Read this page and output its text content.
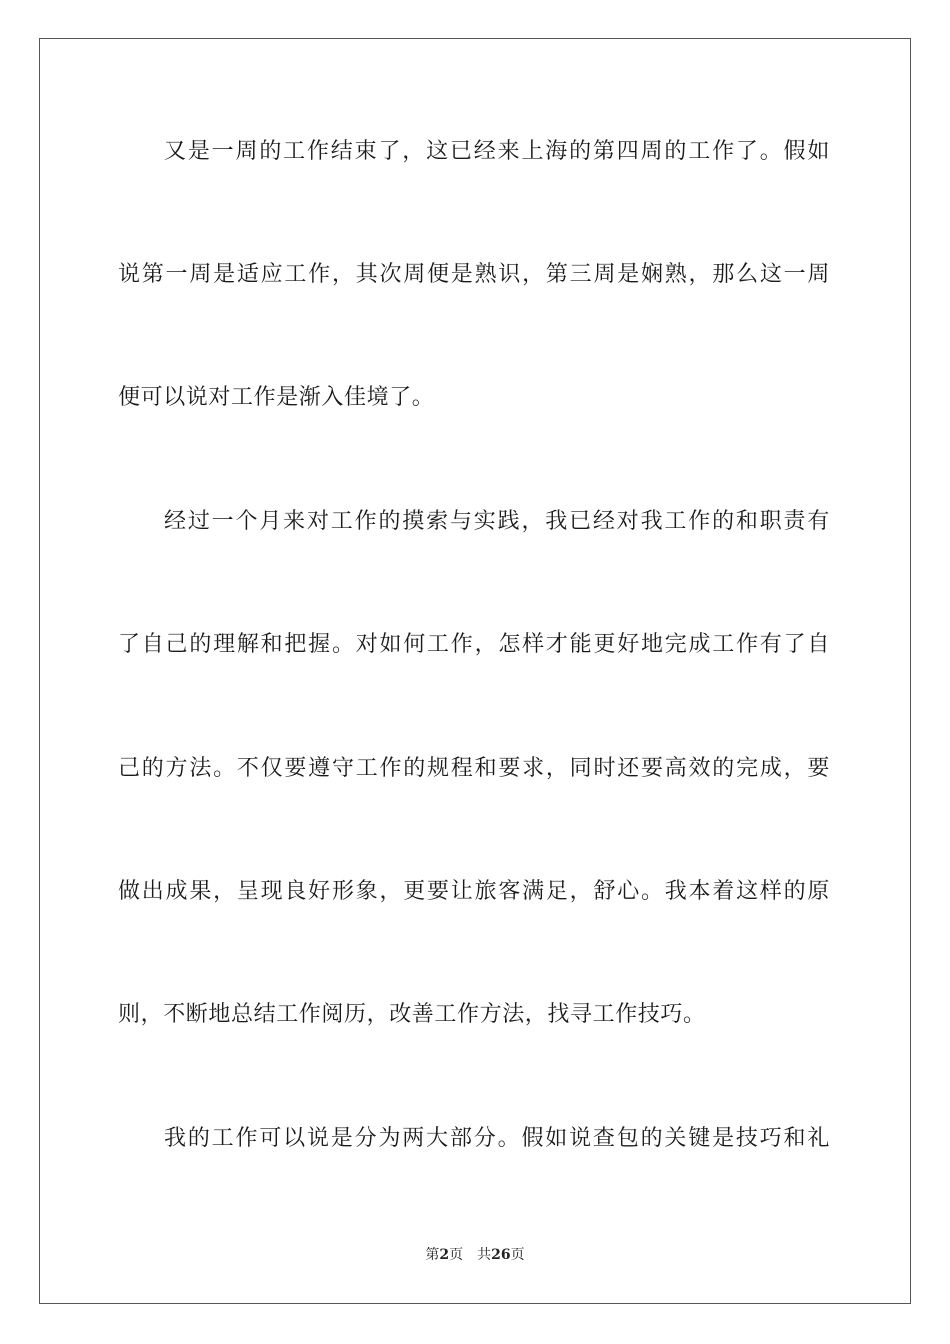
又是一周的工作结束了，这已经来上海的第四周的工作了。假如
说第一周是适应工作，其次周便是熟识，第三周是娴熟，那么这一周
便可以说对工作是渐入佳境了。
经过一个月来对工作的摸索与实践，我已经对我工作的和职责有
了自己的理解和把握。对如何工作，怎样才能更好地完成工作有了自
己的方法。不仅要遵守工作的规程和要求，同时还要高效的完成，要
做出成果，呈现良好形象，更要让旅客满足，舒心。我本着这样的原
则，不断地总结工作阅历，改善工作方法，找寻工作技巧。
我的工作可以说是分为两大部分。假如说查包的关键是技巧和礼
第2页 共26页
